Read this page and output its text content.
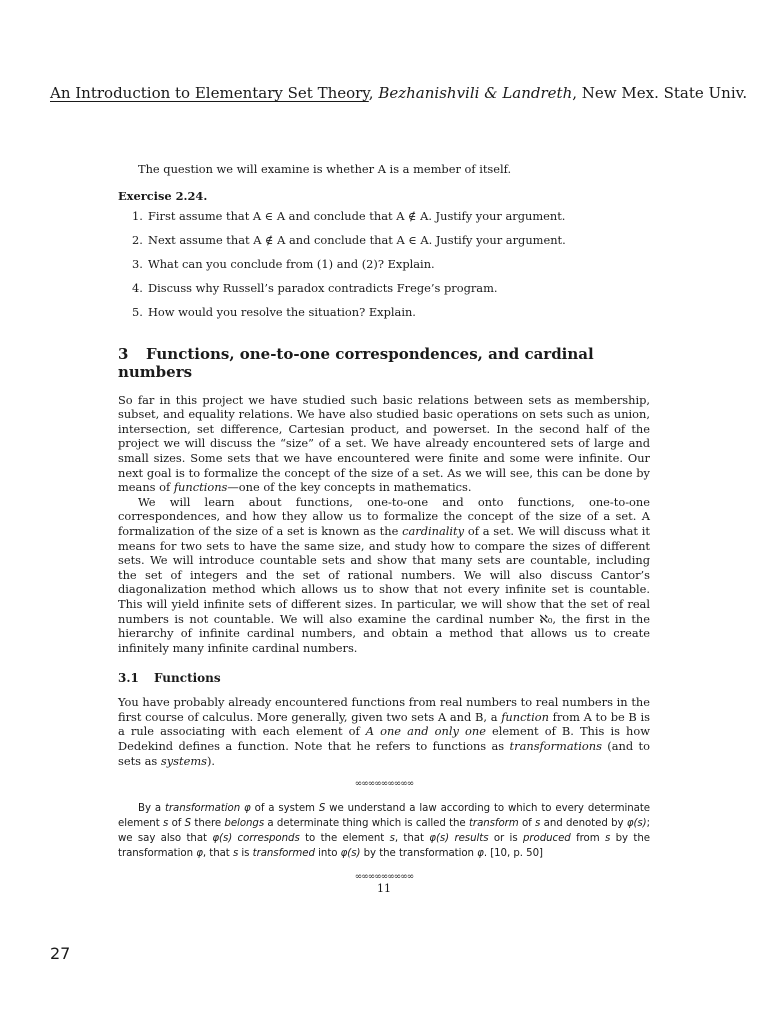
An Introduction to Elementary Set Theory, Bezhanishvili & Landreth, New Mex. State Univ.

The question we will examine is whether A is a member of itself.

Exercise 2.24.
1. First assume that A ∈ A and conclude that A ∉ A. Justify your argument.
2. Next assume that A ∉ A and conclude that A ∈ A. Justify your argument.
3. What can you conclude from (1) and (2)? Explain.
4. Discuss why Russell’s paradox contradicts Frege’s program.
5. How would you resolve the situation? Explain.
3 Functions, one-to-one correspondences, and cardinal numbers

So far in this project we have studied such basic relations between sets as membership, subset, and equality relations. We have also studied basic operations on sets such as union, intersection, set difference, Cartesian product, and powerset. In the second half of the project we will discuss the “size” of a set. We have already encountered sets of large and small sizes. Some sets that we have encountered were finite and some were infinite. Our next goal is to formalize the concept of the size of a set. As we will see, this can be done by means of functions—one of the key concepts in mathematics.

We will learn about functions, one-to-one and onto functions, one-to-one correspondences, and how they allow us to formalize the concept of the size of a set. A formalization of the size of a set is known as the cardinality of a set. We will discuss what it means for two sets to have the same size, and study how to compare the sizes of different sets. We will introduce countable sets and show that many sets are countable, including the set of integers and the set of rational numbers. We will also discuss Cantor’s diagonalization method which allows us to show that not every infinite set is countable. This will yield infinite sets of different sizes. In particular, we will show that the set of real numbers is not countable. We will also examine the cardinal number ℵ₀, the first in the hierarchy of infinite cardinal numbers, and obtain a method that allows us to create infinitely many infinite cardinal numbers.

3.1 Functions

You have probably already encountered functions from real numbers to real numbers in the first course of calculus. More generally, given two sets A and B, a function from A to be B is a rule associating with each element of A one and only one element of B. This is how Dedekind defines a function. Note that he refers to functions as transformations (and to sets as systems).

∞∞∞∞∞∞∞∞∞

By a transformation φ of a system S we understand a law according to which to every determinate element s of S there belongs a determinate thing which is called the transform of s and denoted by φ(s); we say also that φ(s) corresponds to the element s, that φ(s) results or is produced from s by the transformation φ, that s is transformed into φ(s) by the transformation φ. [10, p. 50]

∞∞∞∞∞∞∞∞∞
11
27
